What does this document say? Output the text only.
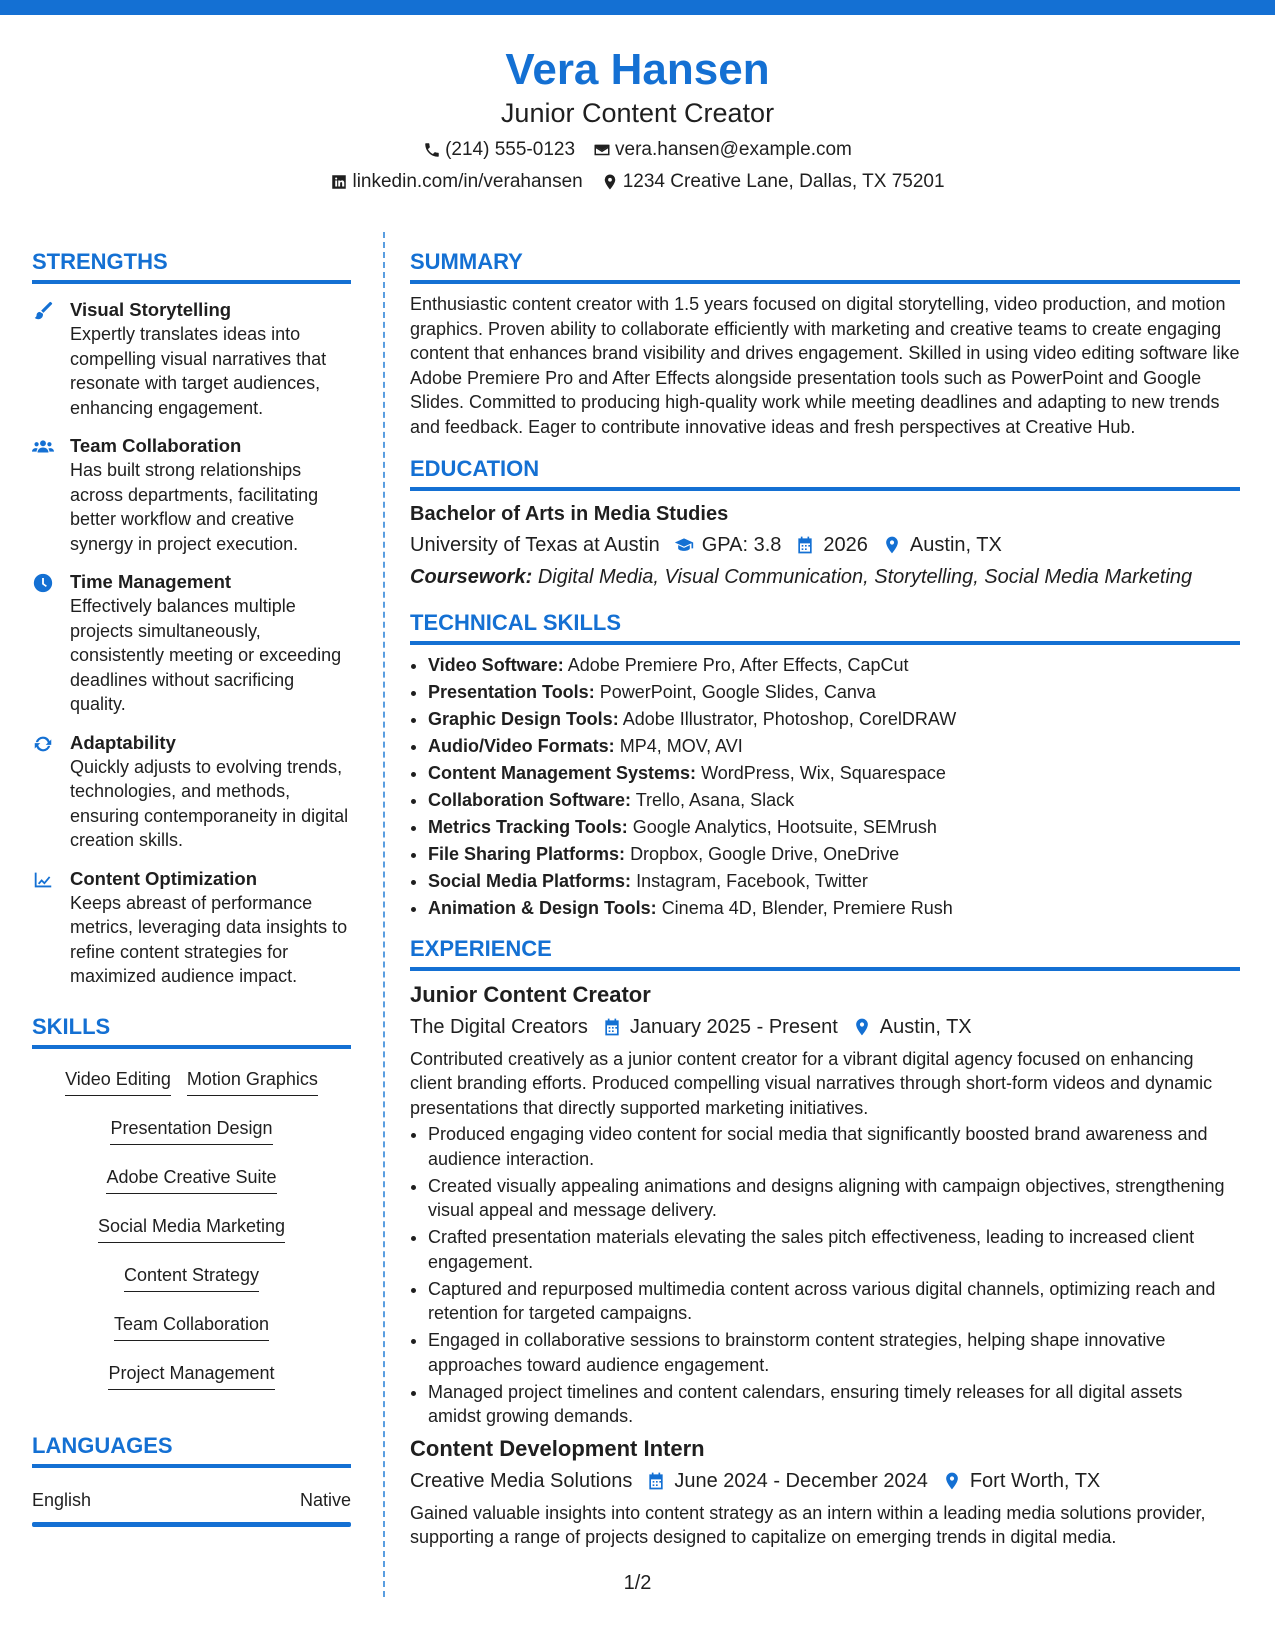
Vera Hansen
Junior Content Creator
(214) 555-0123 vera.hansen@example.com
linkedin.com/in/verahansen 1234 Creative Lane, Dallas, TX 75201
STRENGTHS
Visual Storytelling
Expertly translates ideas into compelling visual narratives that resonate with target audiences, enhancing engagement.
Team Collaboration
Has built strong relationships across departments, facilitating better workflow and creative synergy in project execution.
Time Management
Effectively balances multiple projects simultaneously, consistently meeting or exceeding deadlines without sacrificing quality.
Adaptability
Quickly adjusts to evolving trends, technologies, and methods, ensuring contemporaneity in digital creation skills.
Content Optimization
Keeps abreast of performance metrics, leveraging data insights to refine content strategies for maximized audience impact.
SKILLS
Video Editing Motion Graphics
Presentation Design
Adobe Creative Suite
Social Media Marketing
Content Strategy
Team Collaboration
Project Management
LANGUAGES
English	Native
SUMMARY
Enthusiastic content creator with 1.5 years focused on digital storytelling, video production, and motion graphics. Proven ability to collaborate efficiently with marketing and creative teams to create engaging content that enhances brand visibility and drives engagement. Skilled in using video editing software like Adobe Premiere Pro and After Effects alongside presentation tools such as PowerPoint and Google Slides. Committed to producing high-quality work while meeting deadlines and adapting to new trends and feedback. Eager to contribute innovative ideas and fresh perspectives at Creative Hub.
EDUCATION
Bachelor of Arts in Media Studies
University of Texas at Austin GPA: 3.8 2026 Austin, TX
Coursework: Digital Media, Visual Communication, Storytelling, Social Media Marketing
TECHNICAL SKILLS
• Video Software: Adobe Premiere Pro, After Effects, CapCut
• Presentation Tools: PowerPoint, Google Slides, Canva
• Graphic Design Tools: Adobe Illustrator, Photoshop, CorelDRAW
• Audio/Video Formats: MP4, MOV, AVI
• Content Management Systems: WordPress, Wix, Squarespace
• Collaboration Software: Trello, Asana, Slack
• Metrics Tracking Tools: Google Analytics, Hootsuite, SEMrush
• File Sharing Platforms: Dropbox, Google Drive, OneDrive
• Social Media Platforms: Instagram, Facebook, Twitter
• Animation & Design Tools: Cinema 4D, Blender, Premiere Rush
EXPERIENCE
Junior Content Creator
The Digital Creators January 2025 - Present Austin, TX
Contributed creatively as a junior content creator for a vibrant digital agency focused on enhancing client branding efforts. Produced compelling visual narratives through short-form videos and dynamic presentations that directly supported marketing initiatives.
• Produced engaging video content for social media that significantly boosted brand awareness and audience interaction.
• Created visually appealing animations and designs aligning with campaign objectives, strengthening visual appeal and message delivery.
• Crafted presentation materials elevating the sales pitch effectiveness, leading to increased client engagement.
• Captured and repurposed multimedia content across various digital channels, optimizing reach and retention for targeted campaigns.
• Engaged in collaborative sessions to brainstorm content strategies, helping shape innovative approaches toward audience engagement.
• Managed project timelines and content calendars, ensuring timely releases for all digital assets amidst growing demands.
Content Development Intern
Creative Media Solutions June 2024 - December 2024 Fort Worth, TX
Gained valuable insights into content strategy as an intern within a leading media solutions provider, supporting a range of projects designed to capitalize on emerging trends in digital media.
1/2
